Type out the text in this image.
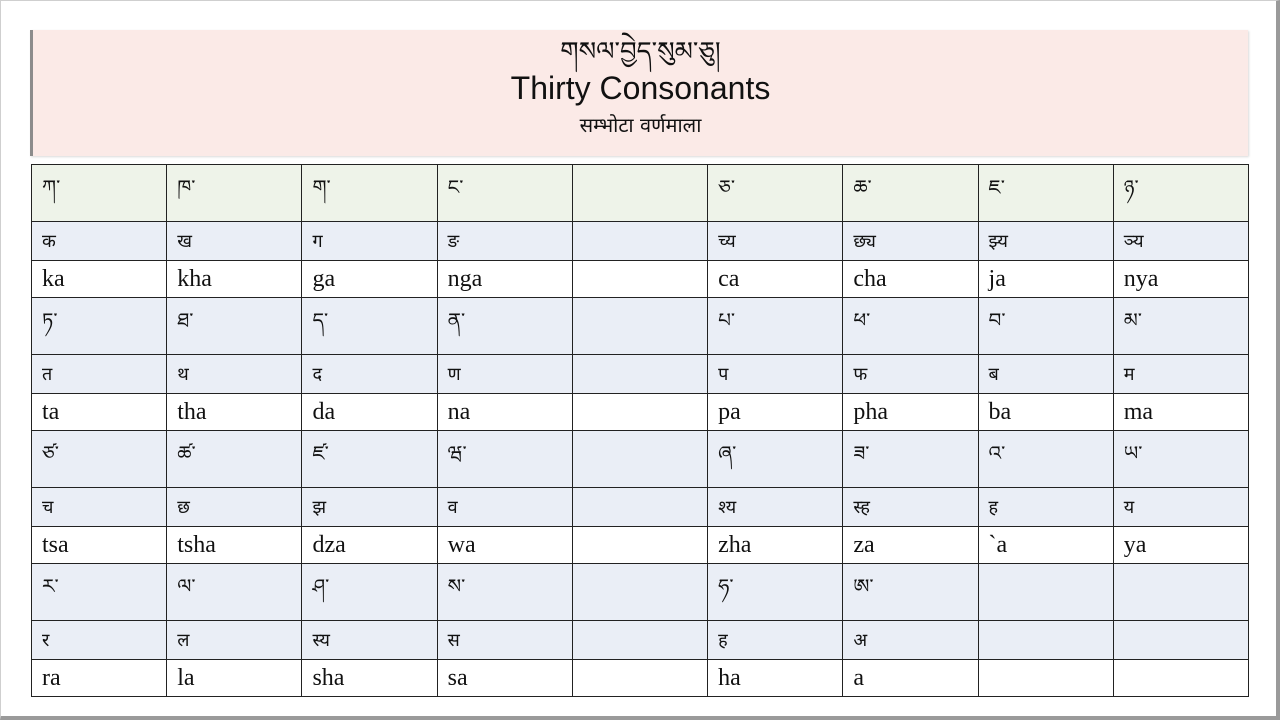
གསལ་བྱེད་སུམ་ཅུ།
Thirty Consonants
सम्भोटा वर्णमाला
ཀ་	ཁ་	ག་	ང་		ཅ་	ཆ་	ཇ་	ཉ་
क	ख	ग	ङ		च्य	छ्य	झ्य	ञ्य
ka	kha	ga	nga		ca	cha	ja	nya
ཏ་	ཐ་	ད་	ན་		པ་	ཕ་	བ་	མ་
त	थ	द	ण		प	फ	ब	म
ta	tha	da	na		pa	pha	ba	ma
ཙ་	ཚ་	ཛ་	ཝ་		ཞ་	ཟ་	འ་	ཡ་
च	छ	झ	व		श्य	स्ह	ह	य
tsa	tsha	dza	wa		zha	za	`a	ya
ར་	ལ་	ཤ་	ས་		ཧ་	ཨ་		
र	ल	स्य	स		ह	अ		
ra	la	sha	sa		ha	a		
